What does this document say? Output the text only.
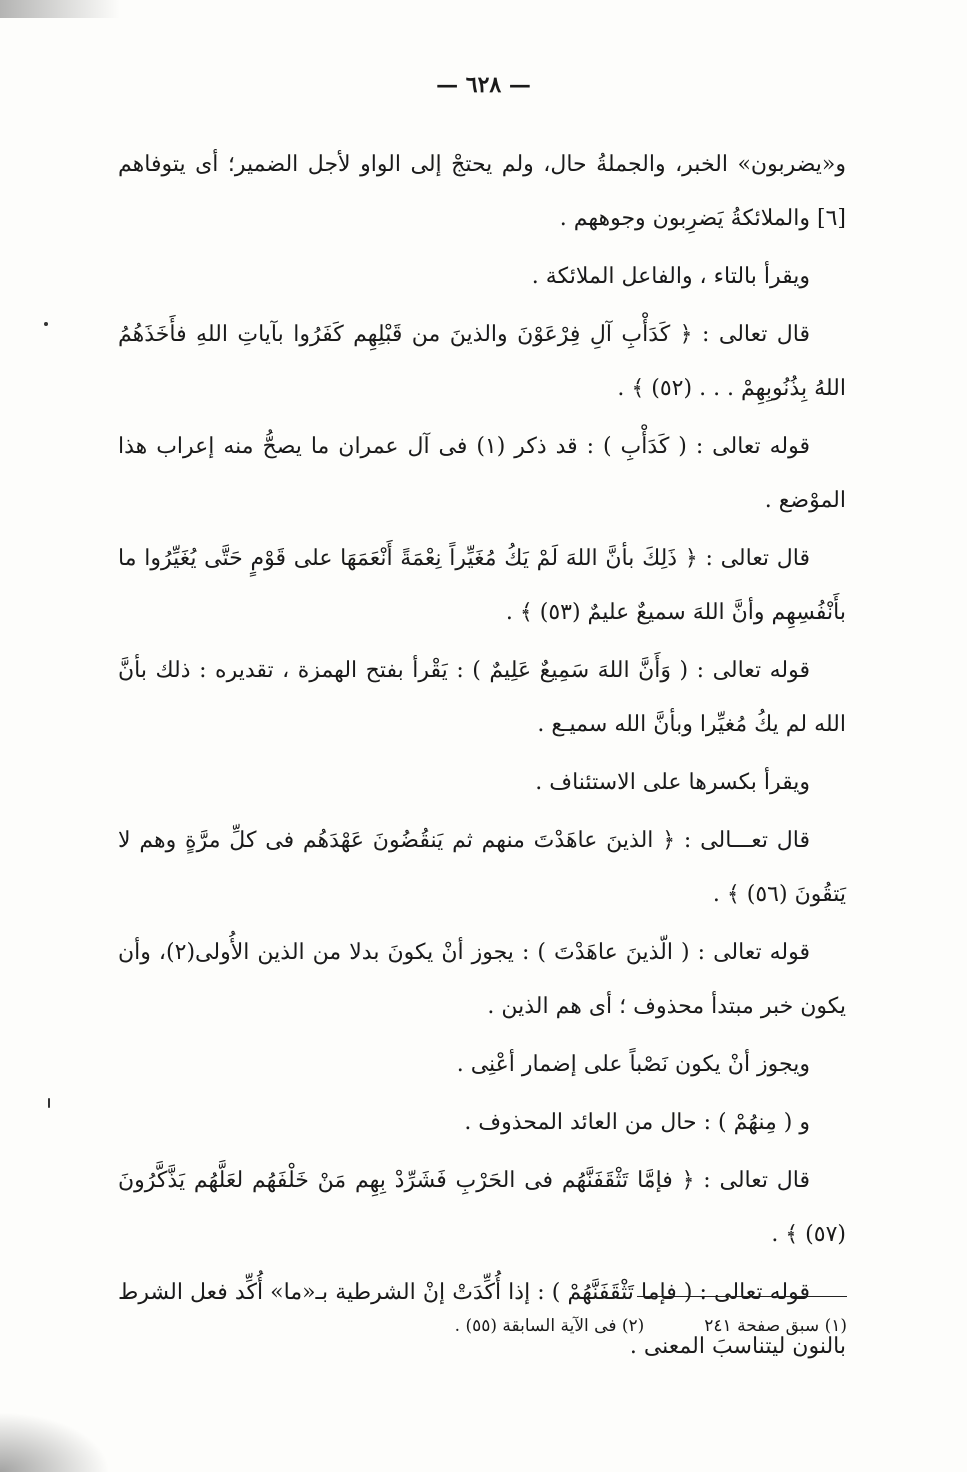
— ٦٢٨ —

و«يضربون» الخبر، والجملةُ حال، ولم يحتجْ إلى الواو لأجل الضمير؛ أى يتوفاهم [٦] والملائكةُ يَضرِبون وجوههم .

ويقرأ بالتاء ، والفاعل الملائكة .

قال تعالى : ﴿ كَدَأْبِ آلِ فِرْعَوْنَ والذينَ من قَبْلِهِم كَفَرُوا بآياتِ اللهِ فأَخَذَهُمُ اللهُ بِذُنُوبِهِمْ . . . (٥٢) ﴾ .

قوله تعالى : ( كَدَأْبِ ) : قد ذكر (١) فى آل عمران ما يصحُّ منه إعراب هذا الموْضع .

قال تعالى : ﴿ ذَلِكَ بأنَّ اللهَ لَمْ يَكُ مُغَيِّراً نِعْمَةً أَنْعَمَهَا على قَوْمٍ حَتَّى يُغَيِّرُوا ما بأَنْفُسِهِم وأنَّ اللهَ سميعٌ عليمٌ (٥٣) ﴾ .

قوله تعالى : ( وَأَنَّ اللهَ سَمِيعٌ عَلِيمٌ ) : يَقْرأ بفتح الهمزة ، تقديره : ذلك بأنَّ الله لم يكُ مُغيِّرا وبأنَّ الله سميـع .

ويقرأ بكسرها على الاستئناف .

قال تعـــالى : ﴿ الذينَ عاهَدْتَ منهم ثم يَنقُضُونَ عَهْدَهُم فى كلِّ مرَّةٍ وهم لا يَتقُونَ (٥٦) ﴾ .

قوله تعالى : ( الّذينَ عاهَدْتَ ) : يجوز أنْ يكونَ بدلا من الذين الأُولى(٢)، وأن يكون خبر مبتدأ محذوف ؛ أى هم الذين .

ويجوز أنْ يكون نَصْباً على إضمار أعْنِى .

و ( مِنهُمْ ) : حال من العائد المحذوف .

قال تعالى : ﴿ فإمَّا تَثْقَفَنَّهُم فى الحَرْبِ فَشَرِّدْ بِهِم مَنْ خَلْفَهُم لعَلَّهُم يَذَّكَّرُونَ (٥٧) ﴾ .

قوله تعالى : ( فإما تَثْقَفَنَّهُمْ ) : إذا أُكِّدَتْ إنْ الشرطية بـ«ما» أُكِّد فعل الشرط بالنون ليتناسبَ المعنى .

(١) سبق صفحة ٢٤١
(٢) فى الآية السابقة (٥٥) .
